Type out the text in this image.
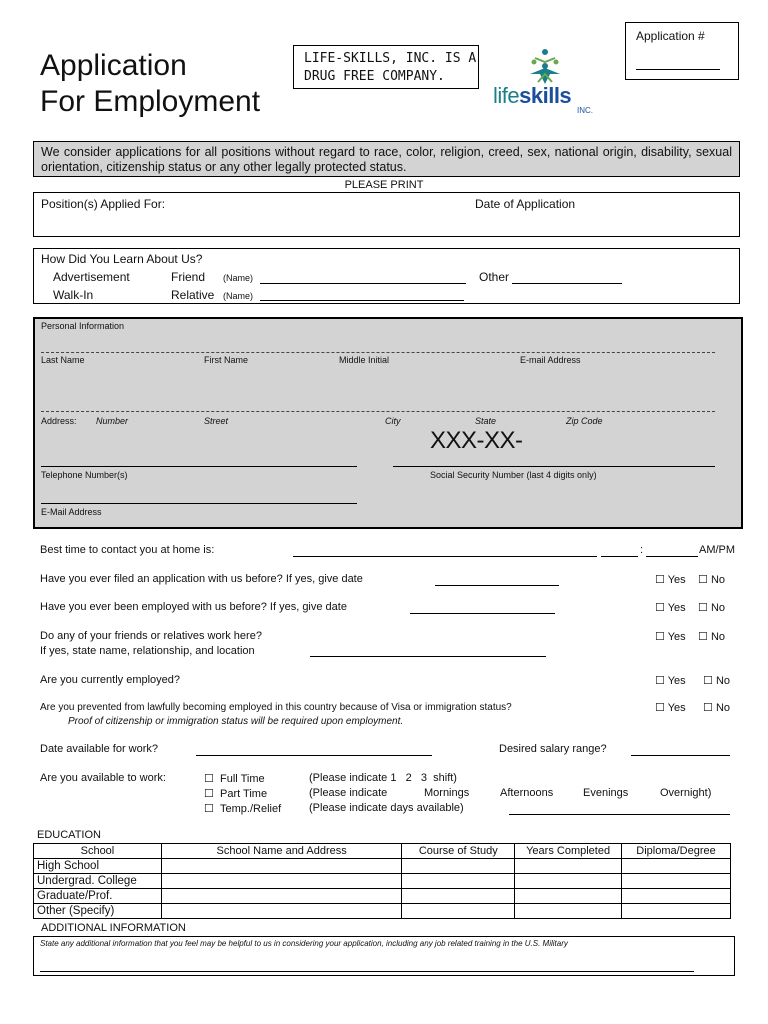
Application
For Employment
LIFE-SKILLS, INC. IS A
DRUG FREE COMPANY.
lifeskills
INC.
Application #
We consider applications for all positions without regard to race, color, religion, creed, sex, national origin, disability, sexual orientation, citizenship status or any other legally protected status.
PLEASE PRINT
Position(s) Applied For:	Date of Application
How Did You Learn About Us?
Advertisement	Friend (Name)	Other
Walk-In	Relative (Name)
Personal Information
Last Name	First Name	Middle Initial	E-mail Address
Address: Number	Street	City	State	Zip Code
XXX-XX-
Telephone Number(s)	Social Security Number (last 4 digits only)
E-Mail Address
Best time to contact you at home is:	:	AM/PM
Have you ever filed an application with us before? If yes, give date	☐ Yes ☐ No
Have you ever been employed with us before? If yes, give date	☐ Yes ☐ No
Do any of your friends or relatives work here?
If yes, state name, relationship, and location
☐ Yes ☐ No
Are you currently employed?	☐ Yes ☐ No
Are you prevented from lawfully becoming employed in this country because of Visa or immigration status?
Proof of citizenship or immigration status will be required upon employment.
☐ Yes ☐ No
Date available for work?	Desired salary range?
Are you available to work:	☐ Full Time	(Please indicate 1   2   3  shift)
☐ Part Time	(Please indicate	Mornings	Afternoons	Evenings	Overnight)
☐ Temp./Relief	(Please indicate days available)
EDUCATION
School	School Name and Address	Course of Study	Years Completed	Diploma/Degree
High School				
Undergrad. College				
Graduate/Prof.				
Other (Specify)				
ADDITIONAL INFORMATION
State any additional information that you feel may be helpful to us in considering your application, including any job related training in the U.S. Military
